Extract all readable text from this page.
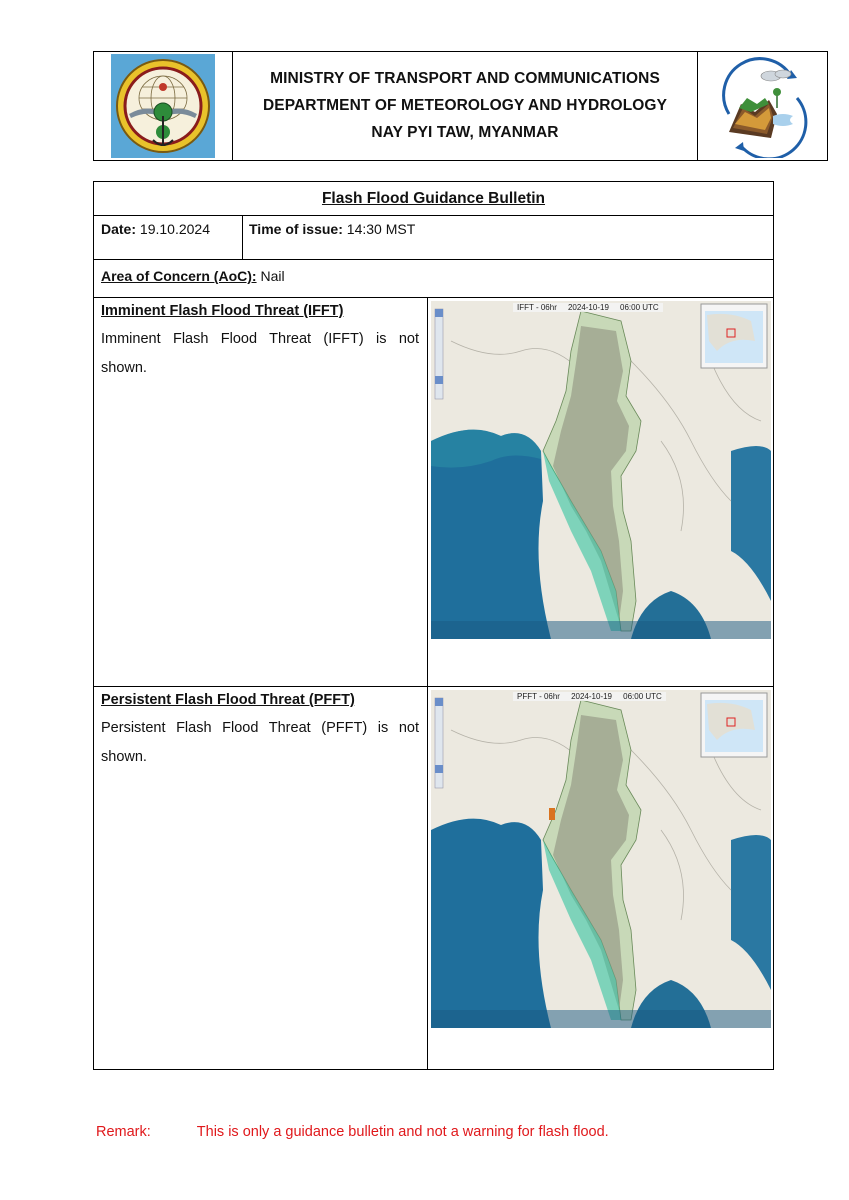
MINISTRY OF TRANSPORT AND COMMUNICATIONS
DEPARTMENT OF METEOROLOGY AND HYDROLOGY
NAY PYI TAW, MYANMAR
Flash Flood Guidance Bulletin
Date: 19.10.2024	Time of issue: 14:30 MST
Area of Concern (AoC): Nail
Imminent Flash Flood Threat (IFFT)
Imminent Flash Flood Threat (IFFT) is not shown.
IFFT - 06hr     2024-10-19     06:00 UTC
Persistent Flash Flood Threat (PFFT)
Persistent Flash Flood Threat (PFFT) is not shown.
PFFT - 06hr     2024-10-19     06:00 UTC
Remark:	This is only a guidance bulletin and not a warning for flash flood.
